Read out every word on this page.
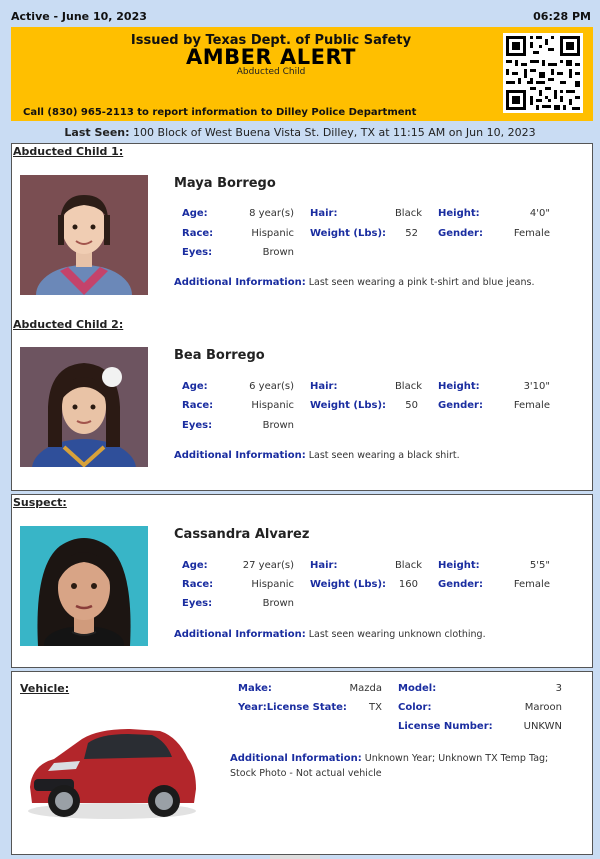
Active - June 10, 2023	06:28 PM
Issued by Texas Dept. of Public Safety
AMBER ALERT
Abducted Child
Call (830) 965-2113 to report information to Dilley Police Department
Last Seen: 100 Block of West Buena Vista St. Dilley, TX at 11:15 AM on Jun 10, 2023
Abducted Child 1:
Maya Borrego
Age:	8 year(s) Hair:	Black Height:	4'0"
Race:	Hispanic Weight (Lbs):	52 Gender:	Female
Eyes:	Brown
Additional Information: Last seen wearing a pink t-shirt and blue jeans.
Abducted Child 2:
Bea Borrego
Age:	6 year(s) Hair:	Black Height:	3'10"
Race:	Hispanic Weight (Lbs):	50 Gender:	Female
Eyes:	Brown
Additional Information: Last seen wearing a black shirt.
Suspect:
Cassandra Alvarez
Age:	27 year(s) Hair:	Black Height:	5'5"
Race:	Hispanic Weight (Lbs):	160 Gender:	Female
Eyes:	Brown
Additional Information: Last seen wearing unknown clothing.
Vehicle:	Make:	Mazda Model:	3
Year:License State:	TX Color:	Maroon
License Number:	UNKWN
Additional Information: Unknown Year; Unknown TX Temp Tag; Stock Photo - Not actual vehicle
